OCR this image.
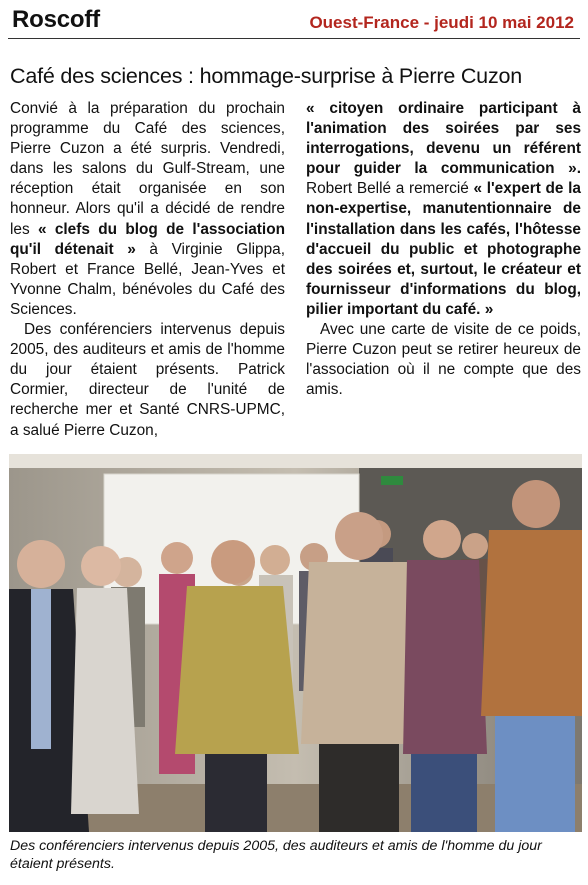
Roscoff	Ouest-France - jeudi 10 mai 2012
Café des sciences : hommage-surprise à Pierre Cuzon

Convié à la préparation du prochain programme du Café des sciences, Pierre Cuzon a été surpris. Vendredi, dans les salons du Gulf-Stream, une réception était organisée en son honneur. Alors qu'il a décidé de rendre les « clefs du blog de l'association qu'il détenait » à Virginie Glippa, Robert et France Bellé, Jean-Yves et Yvonne Chalm, bénévoles du Café des Sciences.

Des conférenciers intervenus depuis 2005, des auditeurs et amis de l'homme du jour étaient présents. Patrick Cormier, directeur de l'unité de recherche mer et Santé CNRS-UPMC, a salué Pierre Cuzon,

« citoyen ordinaire participant à l'animation des soirées par ses interrogations, devenu un référent pour guider la communication ». Robert Bellé a remercié « l'expert de la non-expertise, manutentionnaire de l'installation dans les cafés, l'hôtesse d'accueil du public et photographe des soirées et, surtout, le créateur et fournisseur d'informations du blog, pilier important du café. »

Avec une carte de visite de ce poids, Pierre Cuzon peut se retirer heureux de l'association où il ne compte que des amis.

Des conférenciers intervenus depuis 2005, des auditeurs et amis de l'homme du jour étaient présents.
